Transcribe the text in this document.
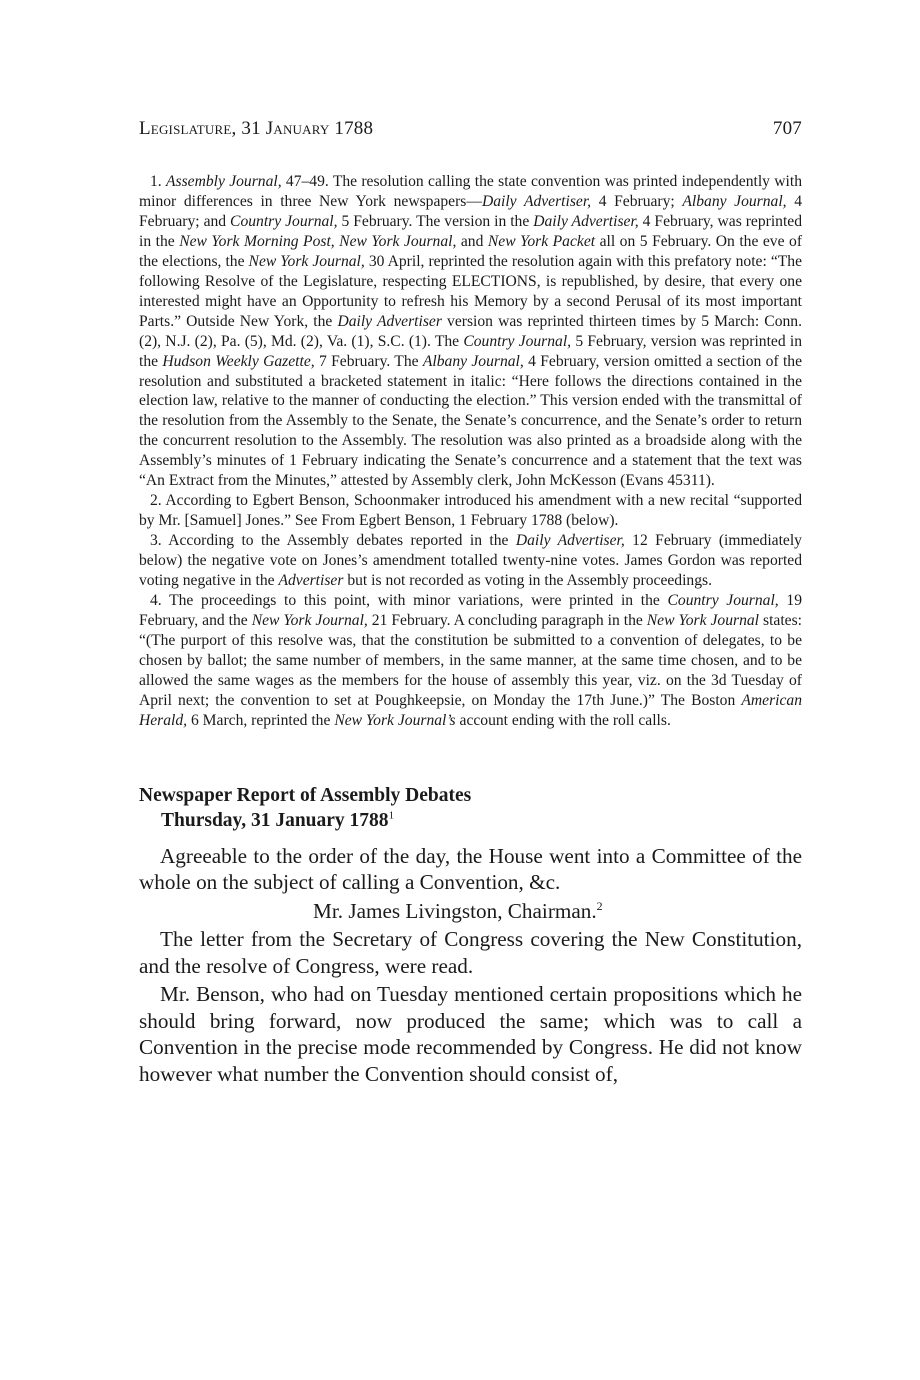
Legislature, 31 January 1788	707

1. Assembly Journal, 47–49. The resolution calling the state convention was printed independently with minor differences in three New York newspapers—Daily Advertiser, 4 February; Albany Journal, 4 February; and Country Journal, 5 February. The version in the Daily Advertiser, 4 February, was reprinted in the New York Morning Post, New York Journal, and New York Packet all on 5 February. On the eve of the elections, the New York Journal, 30 April, reprinted the resolution again with this prefatory note: “The following Resolve of the Legislature, respecting ELECTIONS, is republished, by desire, that every one interested might have an Opportunity to refresh his Memory by a second Perusal of its most important Parts.” Outside New York, the Daily Advertiser version was reprinted thirteen times by 5 March: Conn. (2), N.J. (2), Pa. (5), Md. (2), Va. (1), S.C. (1). The Country Journal, 5 February, version was reprinted in the Hudson Weekly Gazette, 7 February. The Albany Journal, 4 February, version omitted a section of the resolution and substituted a bracketed statement in italic: “Here follows the directions contained in the election law, relative to the manner of conducting the election.” This version ended with the transmittal of the resolution from the Assembly to the Senate, the Senate’s concurrence, and the Senate’s order to return the concurrent resolution to the Assembly. The resolution was also printed as a broadside along with the Assembly’s minutes of 1 February indicating the Senate’s concurrence and a statement that the text was “An Extract from the Minutes,” attested by Assembly clerk, John McKesson (Evans 45311).

2. According to Egbert Benson, Schoonmaker introduced his amendment with a new recital “supported by Mr. [Samuel] Jones.” See From Egbert Benson, 1 February 1788 (below).

3. According to the Assembly debates reported in the Daily Advertiser, 12 February (immediately below) the negative vote on Jones’s amendment totalled twenty-nine votes. James Gordon was reported voting negative in the Advertiser but is not recorded as voting in the Assembly proceedings.

4. The proceedings to this point, with minor variations, were printed in the Country Journal, 19 February, and the New York Journal, 21 February. A concluding paragraph in the New York Journal states: “(The purport of this resolve was, that the constitution be submitted to a convention of delegates, to be chosen by ballot; the same number of members, in the same manner, at the same time chosen, and to be allowed the same wages as the members for the house of assembly this year, viz. on the 3d Tuesday of April next; the convention to set at Poughkeepsie, on Monday the 17th June.)” The Boston American Herald, 6 March, reprinted the New York Journal’s account ending with the roll calls.

Newspaper Report of Assembly Debates
Thursday, 31 January 1788$^1$

Agreeable to the order of the day, the House went into a Committee of the whole on the subject of calling a Convention, &c.

Mr. James Livingston, Chairman.$^2$

The letter from the Secretary of Congress covering the New Constitution, and the resolve of Congress, were read.

Mr. Benson, who had on Tuesday mentioned certain propositions which he should bring forward, now produced the same; which was to call a Convention in the precise mode recommended by Congress. He did not know however what number the Convention should consist of,
